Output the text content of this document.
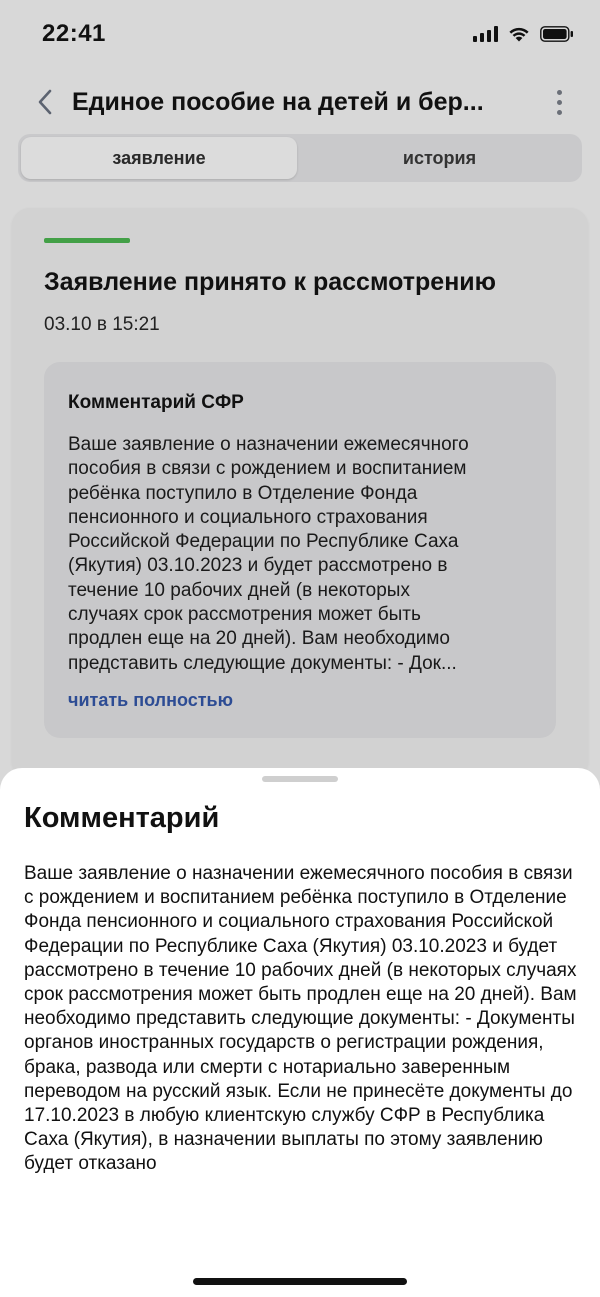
22:41
Единое пособие на детей и бер...
заявление	история
Заявление принято к рассмотрению
03.10 в 15:21
Комментарий СФР
Ваше заявление о назначении ежемесячного
пособия в связи с рождением и воспитанием
ребёнка поступило в Отделение Фонда
пенсионного и социального страхования
Российской Федерации по Республике Саха
(Якутия) 03.10.2023 и будет рассмотрено в
течение 10 рабочих дней (в некоторых
случаях срок рассмотрения может быть
продлен еще на 20 дней). Вам необходимо
представить следующие документы: - Док...
читать полностью
Комментарий
Ваше заявление о назначении ежемесячного пособия в связи с рождением и воспитанием ребёнка поступило в Отделение Фонда пенсионного и социального страхования Российской Федерации по Республике Саха (Якутия) 03.10.2023 и будет рассмотрено в течение 10 рабочих дней (в некоторых случаях срок рассмотрения может быть продлен еще на 20 дней). Вам необходимо представить следующие документы: - Документы органов иностранных государств о регистрации рождения, брака, развода или смерти с нотариально заверенным переводом на русский язык. Если не принесёте документы до 17.10.2023 в любую клиентскую службу СФР в Республика Саха (Якутия), в назначении выплаты по этому заявлению будет отказано
